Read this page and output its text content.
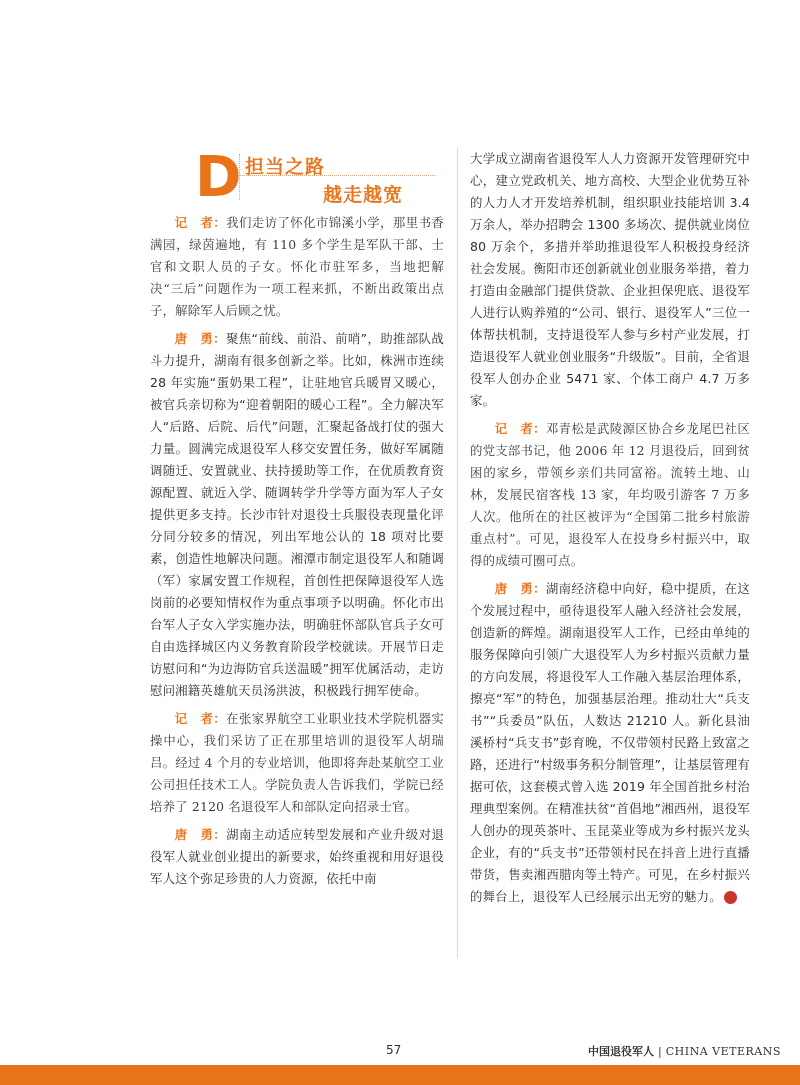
D 担当之路
越走越宽

记　者：我们走访了怀化市锦溪小学，那里书香满园，绿茵遍地，有 110 多个学生是军队干部、士官和文职人员的子女。怀化市驻军多，当地把解决“三后”问题作为一项工程来抓，不断出政策出点子，解除军人后顾之忧。

唐　勇：聚焦“前线、前沿、前哨”，助推部队战斗力提升，湖南有很多创新之举。比如，株洲市连续 28 年实施“蛋奶果工程”，让驻地官兵暖胃又暖心，被官兵亲切称为“迎着朝阳的暖心工程”。全力解决军人“后路、后院、后代”问题，汇聚起备战打仗的强大力量。圆满完成退役军人移交安置任务，做好军属随调随迁、安置就业、扶持援助等工作，在优质教育资源配置、就近入学、随调转学升学等方面为军人子女提供更多支持。长沙市针对退役士兵服役表现量化评分同分较多的情况，列出军地公认的 18 项对比要素，创造性地解决问题。湘潭市制定退役军人和随调（军）家属安置工作规程，首创性把保障退役军人选岗前的必要知情权作为重点事项予以明确。怀化市出台军人子女入学实施办法，明确驻怀部队官兵子女可自由选择城区内义务教育阶段学校就读。开展节日走访慰问和“为边海防官兵送温暖”拥军优属活动，走访慰问湘籍英雄航天员汤洪波，积极践行拥军使命。

记　者：在张家界航空工业职业技术学院机器实操中心，我们采访了正在那里培训的退役军人胡瑞吕。经过 4 个月的专业培训，他即将奔赴某航空工业公司担任技术工人。学院负责人告诉我们，学院已经培养了 2120 名退役军人和部队定向招录士官。

唐　勇：湖南主动适应转型发展和产业升级对退役军人就业创业提出的新要求，始终重视和用好退役军人这个弥足珍贵的人力资源，依托中南

大学成立湖南省退役军人人力资源开发管理研究中心，建立党政机关、地方高校、大型企业优势互补的人力人才开发培养机制，组织职业技能培训 3.4 万余人，举办招聘会 1300 多场次、提供就业岗位 80 万余个，多措并举助推退役军人积极投身经济社会发展。衡阳市还创新就业创业服务举措，着力打造由金融部门提供贷款、企业担保兜底、退役军人进行认购养殖的“公司、银行、退役军人”三位一体帮扶机制，支持退役军人参与乡村产业发展，打造退役军人就业创业服务“升级版”。目前，全省退役军人创办企业 5471 家、个体工商户 4.7 万多家。

记　者：邓青松是武陵源区协合乡龙尾巴社区的党支部书记，他 2006 年 12 月退役后，回到贫困的家乡，带领乡亲们共同富裕。流转土地、山林，发展民宿客栈 13 家，年均吸引游客 7 万多人次。他所在的社区被评为“全国第二批乡村旅游重点村”。可见，退役军人在投身乡村振兴中，取得的成绩可圈可点。

唐　勇：湖南经济稳中向好，稳中提质，在这个发展过程中，亟待退役军人融入经济社会发展，创造新的辉煌。湖南退役军人工作，已经由单纯的服务保障向引领广大退役军人为乡村振兴贡献力量的方向发展，将退役军人工作融入基层治理体系，擦亮“军”的特色，加强基层治理。推动壮大“兵支书”“兵委员”队伍，人数达 21210 人。新化县油溪桥村“兵支书”彭育晚，不仅带领村民路上致富之路，还进行“村级事务积分制管理”，让基层管理有据可依，这套模式曾入选 2019 年全国首批乡村治理典型案例。在精准扶贫“首倡地”湘西州，退役军人创办的现英茶叶、玉昆菜业等成为乡村振兴龙头企业，有的“兵支书”还带领村民在抖音上进行直播带货，售卖湘西腊肉等土特产。可见，在乡村振兴的舞台上，退役军人已经展示出无穷的魅力。	V

57	中国退役军人 | CHINA VETERANS
